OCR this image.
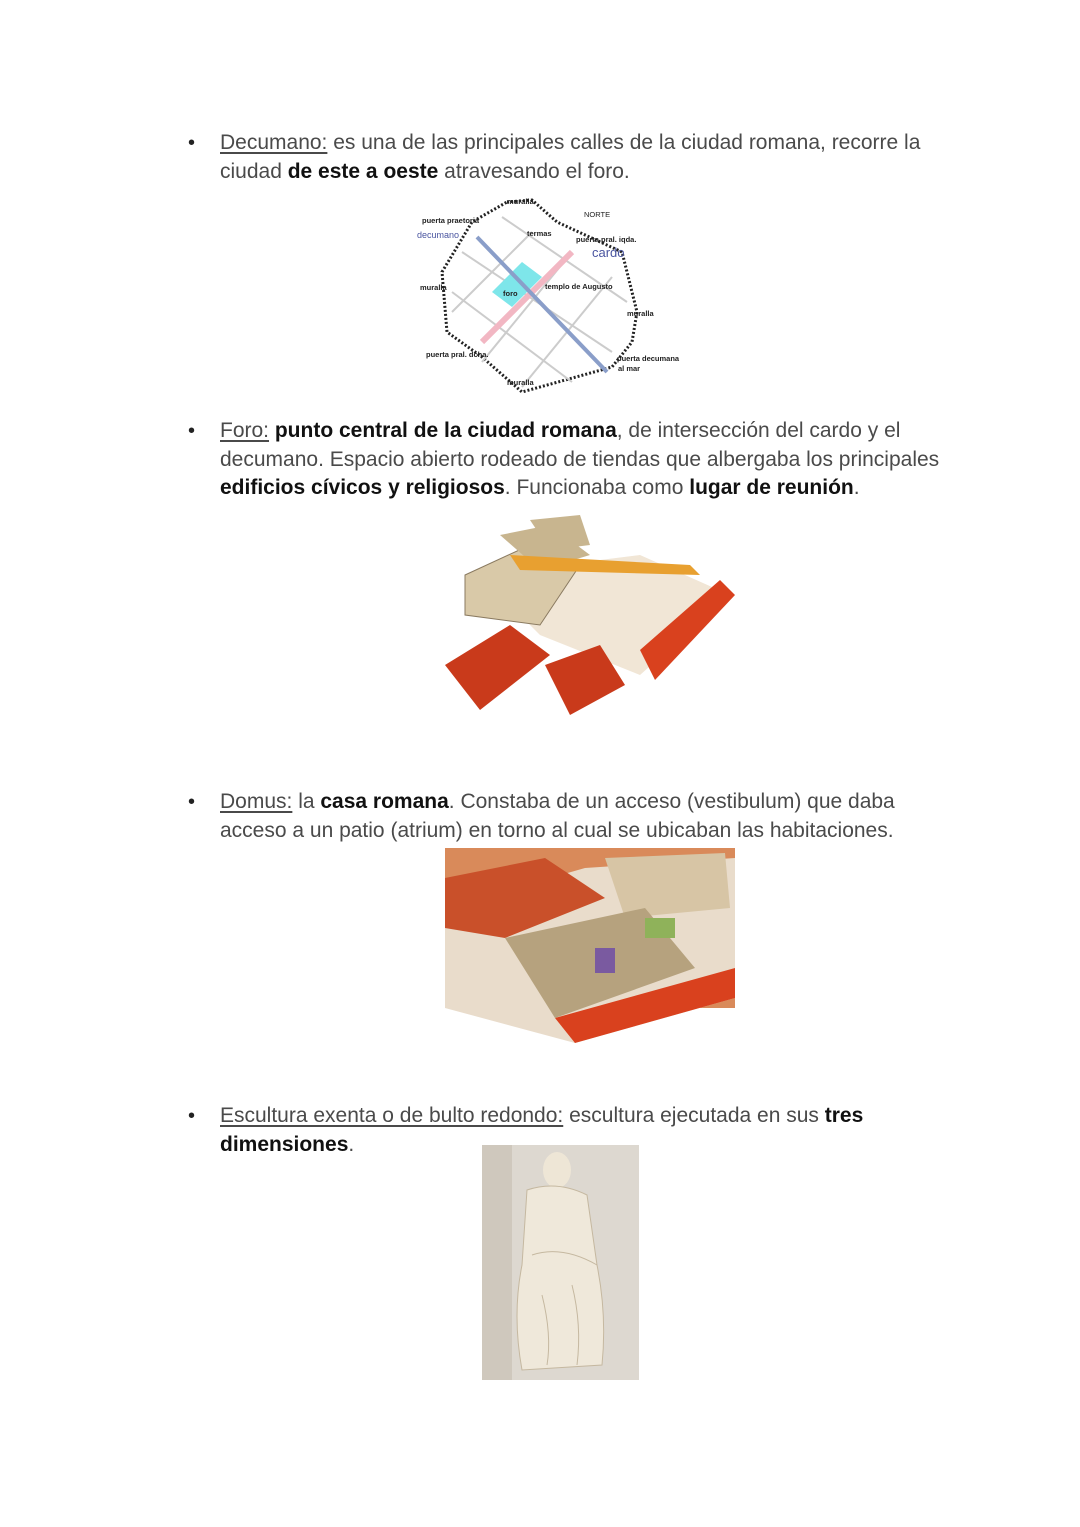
• Decumano: es una de las principales calles de la ciudad romana, recorre la ciudad de este a oeste atravesando el foro.
muralla
NORTE
puerta praetoria
decumano	termas
puerta pral. iqda.
cardo
muralla
foro
templo de Augusto
muralla
puerta pral. dcha.	puerta decumana
al mar
muralla
• Foro: punto central de la ciudad romana, de intersección del cardo y el decumano. Espacio abierto rodeado de tiendas que albergaba los principales edificios cívicos y religiosos. Funcionaba como lugar de reunión.
• Domus: la casa romana. Constaba de un acceso (vestibulum) que daba acceso a un patio (atrium) en torno al cual se ubicaban las habitaciones.
• Escultura exenta o de bulto redondo: escultura ejecutada en sus tres dimensiones.
